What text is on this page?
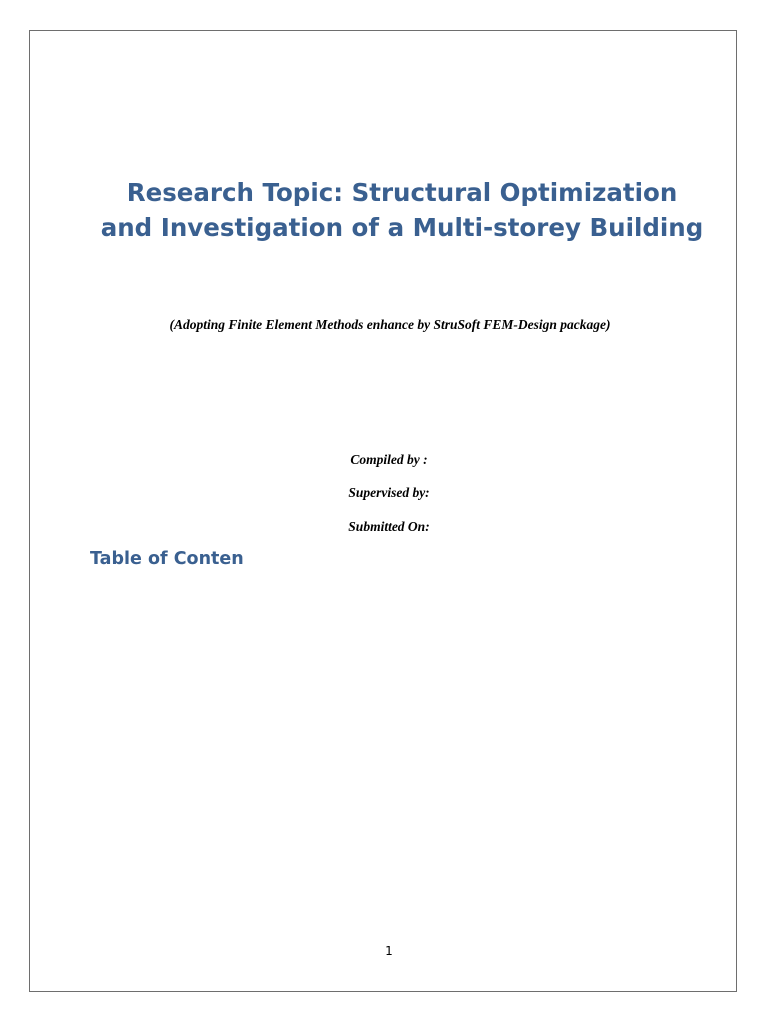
Research Topic: Structural Optimization and Investigation of a Multi-storey Building

(Adopting Finite Element Methods enhance by StruSoft FEM-Design package)

Compiled by :

Supervised by:

Submitted On:

Table of Conten
1
